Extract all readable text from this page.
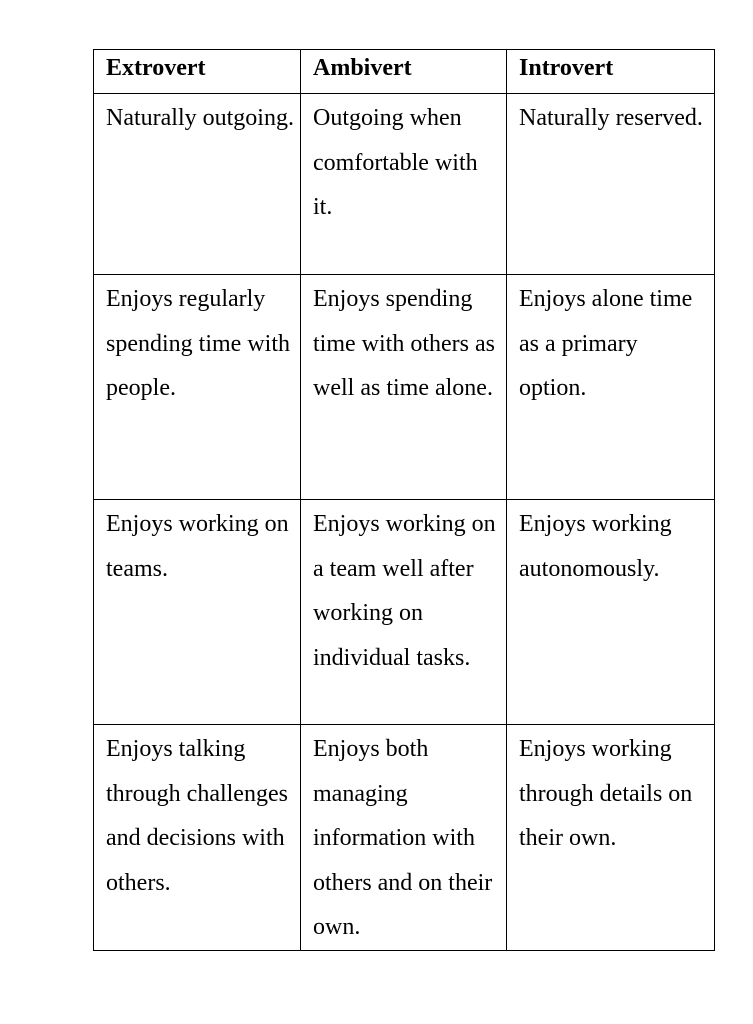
Extrovert	Ambivert	Introvert

Naturally outgoing.	Outgoing when comfortable with it.	Naturally reserved.

Enjoys regularly spending time with people.	Enjoys spending time with others as well as time alone.	Enjoys alone time as a primary option.

Enjoys working on teams.	Enjoys working on a team well after working on individual tasks.	Enjoys working autonomously.

Enjoys talking through challenges and decisions with others.	Enjoys both managing information with others and on their own.	Enjoys working through details on their own.
